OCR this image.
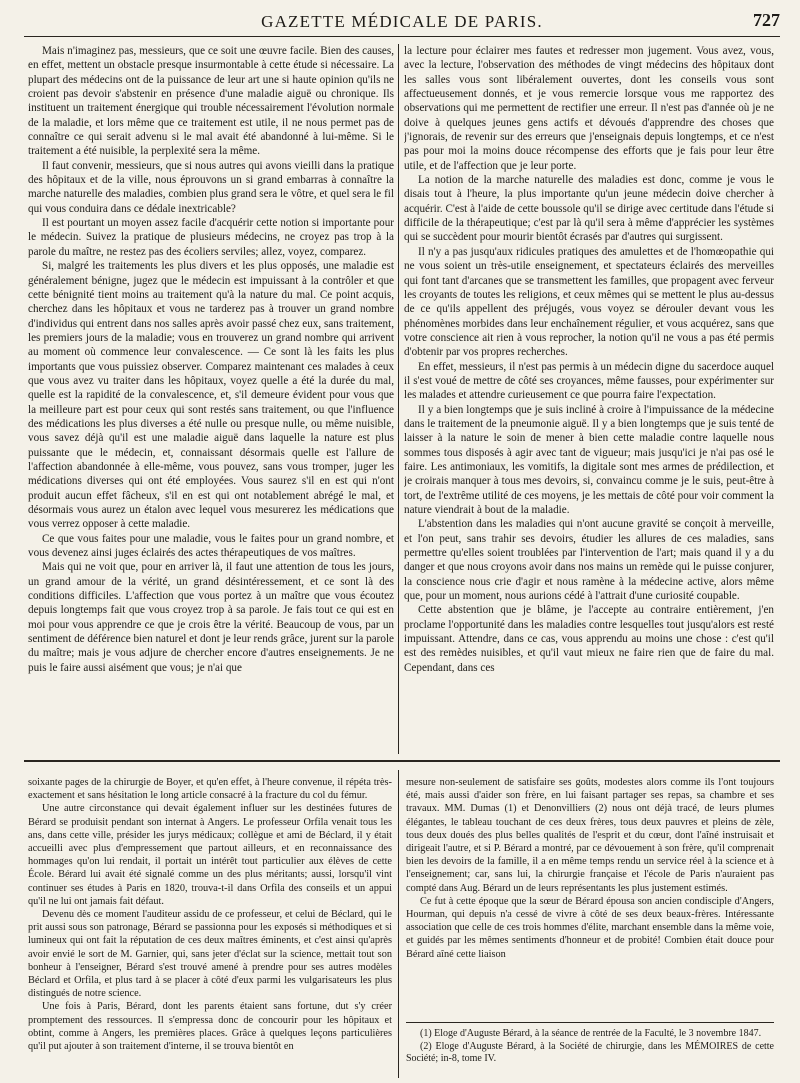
GAZETTE MÉDICALE DE PARIS.	727

Mais n'imaginez pas, messieurs, que ce soit une œuvre facile. Bien des causes, en effet, mettent un obstacle presque insurmontable à cette étude si nécessaire. La plupart des médecins ont de la puissance de leur art une si haute opinion qu'ils ne croient pas devoir s'abstenir en présence d'une maladie aiguë ou chronique. Ils instituent un traitement énergique qui trouble nécessairement l'évolution normale de la maladie, et lors même que ce traitement est utile, il ne nous permet pas de connaître ce qui serait advenu si le mal avait été abandonné à lui-même. Si le traitement a été nuisible, la perplexité sera la même.

Il faut convenir, messieurs, que si nous autres qui avons vieilli dans la pratique des hôpitaux et de la ville, nous éprouvons un si grand embarras à connaître la marche naturelle des maladies, combien plus grand sera le vôtre, et quel sera le fil qui vous conduira dans ce dédale inextricable?

Il est pourtant un moyen assez facile d'acquérir cette notion si importante pour le médecin. Suivez la pratique de plusieurs médecins, ne croyez pas trop à la parole du maître, ne restez pas des écoliers serviles; allez, voyez, comparez.

Si, malgré les traitements les plus divers et les plus opposés, une maladie est généralement bénigne, jugez que le médecin est impuissant à la contrôler et que cette bénignité tient moins au traitement qu'à la nature du mal. Ce point acquis, cherchez dans les hôpitaux et vous ne tarderez pas à trouver un grand nombre d'individus qui entrent dans nos salles après avoir passé chez eux, sans traitement, les premiers jours de la maladie; vous en trouverez un grand nombre qui arrivent au moment où commence leur convalescence. — Ce sont là les faits les plus importants que vous puissiez observer. Comparez maintenant ces malades à ceux que vous avez vu traiter dans les hôpitaux, voyez quelle a été la durée du mal, quelle est la rapidité de la convalescence, et, s'il demeure évident pour vous que la meilleure part est pour ceux qui sont restés sans traitement, ou que l'influence des médications les plus diverses a été nulle ou presque nulle, ou même nuisible, vous savez déjà qu'il est une maladie aiguë dans laquelle la nature est plus puissante que le médecin, et, connaissant désormais quelle est l'allure de l'affection abandonnée à elle-même, vous pouvez, sans vous tromper, juger les médications diverses qui ont été employées. Vous saurez s'il en est qui n'ont produit aucun effet fâcheux, s'il en est qui ont notablement abrégé le mal, et désormais vous aurez un étalon avec lequel vous mesurerez les médications que vous verrez opposer à cette maladie.

Ce que vous faites pour une maladie, vous le faites pour un grand nombre, et vous devenez ainsi juges éclairés des actes thérapeutiques de vos maîtres.

Mais qui ne voit que, pour en arriver là, il faut une attention de tous les jours, un grand amour de la vérité, un grand désintéressement, et ce sont là des conditions difficiles. L'affection que vous portez à un maître que vous écoutez depuis longtemps fait que vous croyez trop à sa parole. Je fais tout ce qui est en moi pour vous apprendre ce que je crois être la vérité. Beaucoup de vous, par un sentiment de déférence bien naturel et dont je leur rends grâce, jurent sur la parole du maître; mais je vous adjure de chercher encore d'autres enseignements. Je ne puis le faire aussi aisément que vous; je n'ai que

la lecture pour éclairer mes fautes et redresser mon jugement. Vous avez, vous, avec la lecture, l'observation des méthodes de vingt médecins des hôpitaux dont les salles vous sont libéralement ouvertes, dont les conseils vous sont affectueusement donnés, et je vous remercie lorsque vous me rapportez des observations qui me permettent de rectifier une erreur. Il n'est pas d'année où je ne doive à quelques jeunes gens actifs et dévoués d'apprendre des choses que j'ignorais, de revenir sur des erreurs que j'enseignais depuis longtemps, et ce n'est pas pour moi la moins douce récompense des efforts que je fais pour leur être utile, et de l'affection que je leur porte.

La notion de la marche naturelle des maladies est donc, comme je vous le disais tout à l'heure, la plus importante qu'un jeune médecin doive chercher à acquérir. C'est à l'aide de cette boussole qu'il se dirige avec certitude dans l'étude si difficile de la thérapeutique; c'est par là qu'il sera à même d'apprécier les systèmes qui se succèdent pour mourir bientôt écrasés par d'autres qui surgissent.

Il n'y a pas jusqu'aux ridicules pratiques des amulettes et de l'homœopathie qui ne vous soient un très-utile enseignement, et spectateurs éclairés des merveilles qui font tant d'arcanes que se transmettent les familles, que propagent avec ferveur les croyants de toutes les religions, et ceux mêmes qui se mettent le plus au-dessus de ce qu'ils appellent des préjugés, vous voyez se dérouler devant vous les phénomènes morbides dans leur enchaînement régulier, et vous acquérez, sans que votre conscience ait rien à vous reprocher, la notion qu'il ne vous a pas été permis d'obtenir par vos propres recherches.

En effet, messieurs, il n'est pas permis à un médecin digne du sacerdoce auquel il s'est voué de mettre de côté ses croyances, même fausses, pour expérimenter sur les malades et attendre curieusement ce que pourra faire l'expectation.

Il y a bien longtemps que je suis incliné à croire à l'impuissance de la médecine dans le traitement de la pneumonie aiguë. Il y a bien longtemps que je suis tenté de laisser à la nature le soin de mener à bien cette maladie contre laquelle nous sommes tous disposés à agir avec tant de vigueur; mais jusqu'ici je n'ai pas osé le faire. Les antimoniaux, les vomitifs, la digitale sont mes armes de prédilection, et je croirais manquer à tous mes devoirs, si, convaincu comme je le suis, peut-être à tort, de l'extrême utilité de ces moyens, je les mettais de côté pour voir comment la nature viendrait à bout de la maladie.

L'abstention dans les maladies qui n'ont aucune gravité se conçoit à merveille, et l'on peut, sans trahir ses devoirs, étudier les allures de ces maladies, sans permettre qu'elles soient troublées par l'intervention de l'art; mais quand il y a du danger et que nous croyons avoir dans nos mains un remède qui le puisse conjurer, la conscience nous crie d'agir et nous ramène à la médecine active, alors même que, pour un moment, nous aurions cédé à l'attrait d'une curiosité coupable.

Cette abstention que je blâme, je l'accepte au contraire entièrement, j'en proclame l'opportunité dans les maladies contre lesquelles tout jusqu'alors est resté impuissant. Attendre, dans ce cas, vous apprendu au moins une chose : c'est qu'il est des remèdes nuisibles, et qu'il vaut mieux ne faire rien que de faire du mal. Cependant, dans ces

soixante pages de la chirurgie de Boyer, et qu'en effet, à l'heure convenue, il répéta très-exactement et sans hésitation le long article consacré à la fracture du col du fémur.

Une autre circonstance qui devait également influer sur les destinées futures de Bérard se produisit pendant son internat à Angers. Le professeur Orfila venait tous les ans, dans cette ville, présider les jurys médicaux; collègue et ami de Béclard, il y était accueilli avec plus d'empressement que partout ailleurs, et en reconnaissance des hommages qu'on lui rendait, il portait un intérêt tout particulier aux élèves de cette École. Bérard lui avait été signalé comme un des plus méritants; aussi, lorsqu'il vint continuer ses études à Paris en 1820, trouva-t-il dans Orfila des conseils et un appui qu'il ne lui ont jamais fait défaut.

Devenu dès ce moment l'auditeur assidu de ce professeur, et celui de Béclard, qui le prit aussi sous son patronage, Bérard se passionna pour les exposés si méthodiques et si lumineux qui ont fait la réputation de ces deux maîtres éminents, et c'est ainsi qu'après avoir envié le sort de M. Garnier, qui, sans jeter d'éclat sur la science, mettait tout son bonheur à l'enseigner, Bérard s'est trouvé amené à prendre pour ses autres modèles Béclard et Orfila, et plus tard à se placer à côté d'eux parmi les vulgarisateurs les plus distingués de notre science.

Une fois à Paris, Bérard, dont les parents étaient sans fortune, dut s'y créer promptement des ressources. Il s'empressa donc de concourir pour les hôpitaux et obtint, comme à Angers, les premières places. Grâce à quelques leçons particulières qu'il put ajouter à son traitement d'interne, il se trouva bientôt en

mesure non-seulement de satisfaire ses goûts, modestes alors comme ils l'ont toujours été, mais aussi d'aider son frère, en lui faisant partager ses repas, sa chambre et ses travaux. MM. Dumas (1) et Denonvilliers (2) nous ont déjà tracé, de leurs plumes élégantes, le tableau touchant de ces deux frères, tous deux pauvres et pleins de zèle, tous deux doués des plus belles qualités de l'esprit et du cœur, dont l'aîné instruisait et dirigeait l'autre, et si P. Bérard a montré, par ce dévouement à son frère, qu'il comprenait bien les devoirs de la famille, il a en même temps rendu un service réel à la science et à l'enseignement; car, sans lui, la chirurgie française et l'école de Paris n'auraient pas compté dans Aug. Bérard un de leurs représentants les plus justement estimés.

Ce fut à cette époque que la sœur de Bérard épousa son ancien condisciple d'Angers, Hourman, qui depuis n'a cessé de vivre à côté de ses deux beaux-frères. Intéressante association que celle de ces trois hommes d'élite, marchant ensemble dans la même voie, et guidés par les mêmes sentiments d'honneur et de probité! Combien était douce pour Bérard aîné cette liaison

(1) Eloge d'Auguste Bérard, à la séance de rentrée de la Faculté, le 3 novembre 1847.

(2) Eloge d'Auguste Bérard, à la Société de chirurgie, dans les MÉMOIRES de cette Société; in-8, tome IV.
